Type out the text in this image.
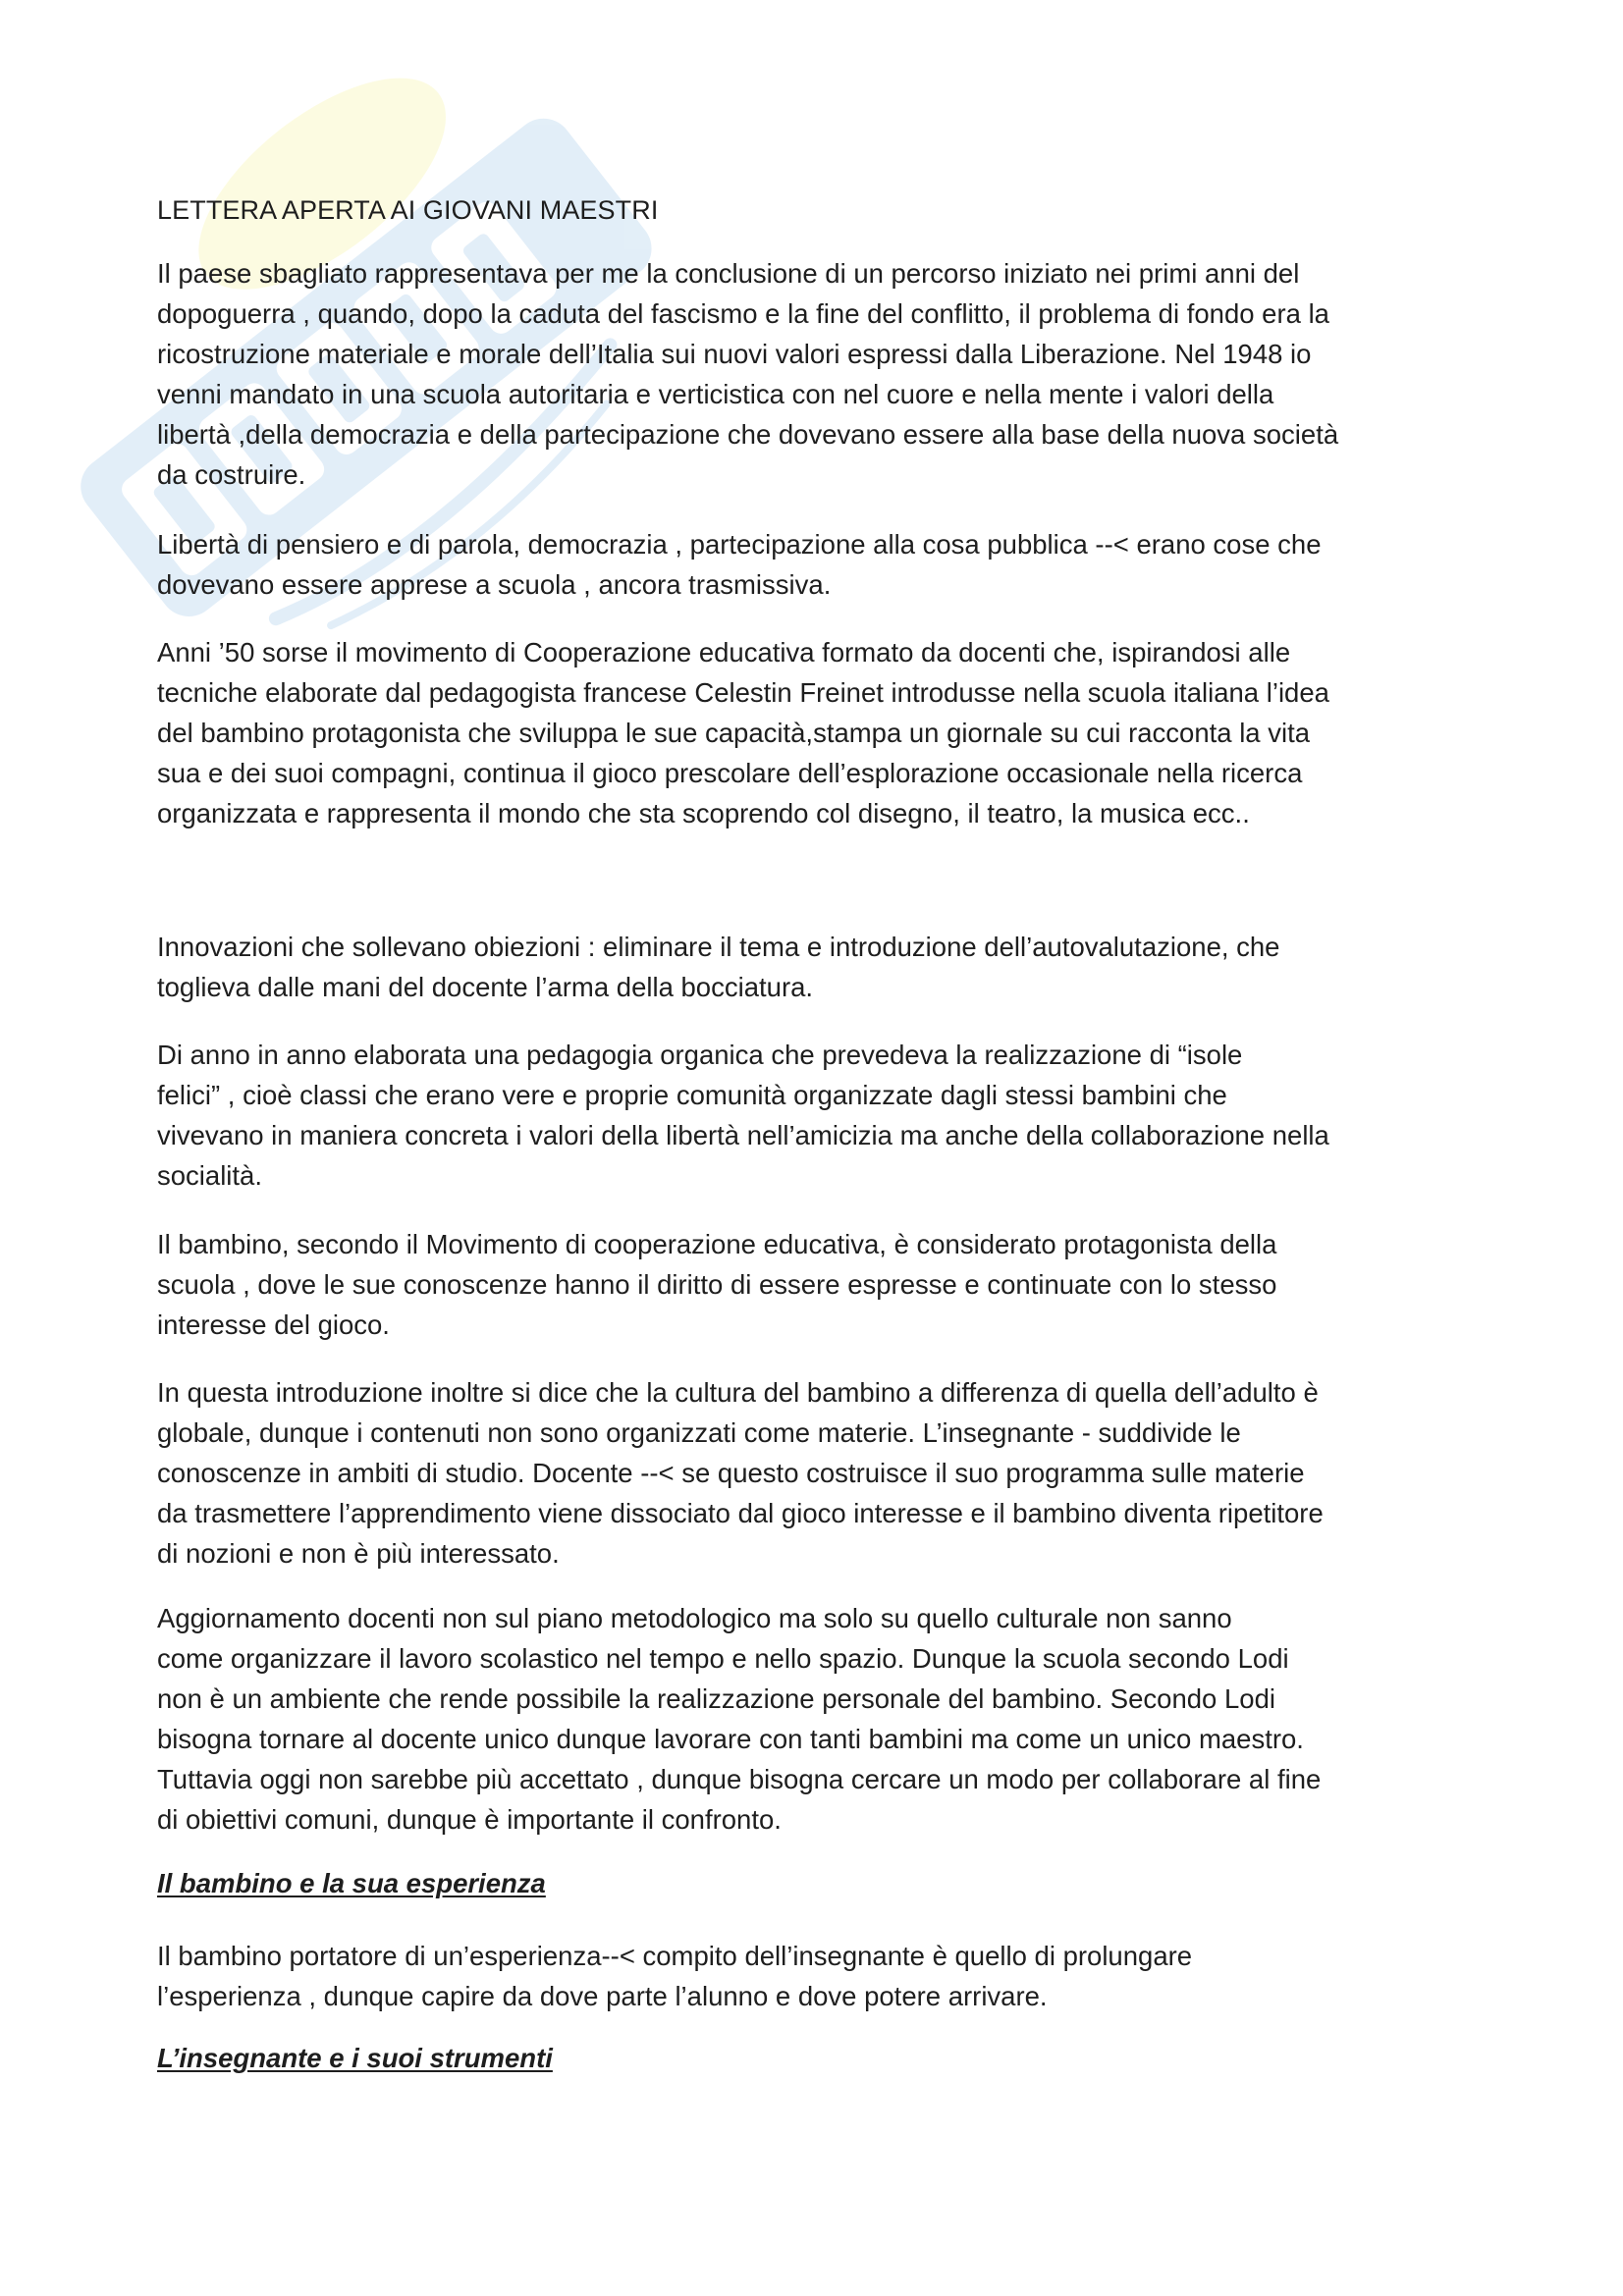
LETTERA APERTA AI GIOVANI MAESTRI

Il paese sbagliato rappresentava per me la conclusione di un percorso iniziato nei primi anni del
dopoguerra , quando, dopo la caduta del fascismo e la fine del conflitto, il problema di fondo era la
ricostruzione materiale e morale dell’Italia sui nuovi valori espressi dalla Liberazione. Nel 1948 io
venni mandato in una scuola autoritaria e verticistica con nel cuore e nella mente i valori della
libertà ,della democrazia e della partecipazione che dovevano essere alla base della nuova società
da costruire.

Libertà di pensiero e di parola, democrazia , partecipazione alla cosa pubblica --< erano cose che
dovevano essere apprese a scuola , ancora trasmissiva.

Anni ’50 sorse il movimento di Cooperazione educativa formato da docenti che, ispirandosi alle
tecniche elaborate dal pedagogista francese Celestin Freinet introdusse nella scuola italiana l’idea
del bambino protagonista che sviluppa le sue capacità,stampa un giornale su cui racconta la vita
sua e dei suoi compagni, continua il gioco prescolare dell’esplorazione occasionale nella ricerca
organizzata e rappresenta il mondo che sta scoprendo col disegno, il teatro, la musica ecc..

Innovazioni che sollevano obiezioni : eliminare il tema e introduzione dell’autovalutazione, che
toglieva dalle mani del docente l’arma della bocciatura.

Di anno in anno elaborata una pedagogia organica che prevedeva la realizzazione di “isole
felici” , cioè classi che erano vere e proprie comunità organizzate dagli stessi bambini che
vivevano in maniera concreta i valori della libertà nell’amicizia ma anche della collaborazione nella
socialità.

Il bambino, secondo il Movimento di cooperazione educativa, è considerato protagonista della
scuola , dove le sue conoscenze hanno il diritto di essere espresse e continuate con lo stesso
interesse del gioco.

In questa introduzione inoltre si dice che la cultura del bambino a differenza di quella dell’adulto è
globale, dunque i contenuti non sono organizzati come materie. L’insegnante - suddivide le
conoscenze in ambiti di studio. Docente --< se questo costruisce il suo programma sulle materie
da trasmettere l’apprendimento viene dissociato dal gioco interesse e il bambino diventa ripetitore
di nozioni e non è più interessato.

Aggiornamento docenti non sul piano metodologico ma solo su quello culturale non sanno
come organizzare il lavoro scolastico nel tempo e nello spazio. Dunque la scuola secondo Lodi
non è un ambiente che rende possibile la realizzazione personale del bambino. Secondo Lodi
bisogna tornare al docente unico dunque lavorare con tanti bambini ma come un unico maestro.
Tuttavia oggi non sarebbe più accettato , dunque bisogna cercare un modo per collaborare al fine
di obiettivi comuni, dunque è importante il confronto.

Il bambino e la sua esperienza

Il bambino portatore di un’esperienza--< compito dell’insegnante è quello di prolungare
l’esperienza , dunque capire da dove parte l’alunno e dove potere arrivare.

L’insegnante e i suoi strumenti
